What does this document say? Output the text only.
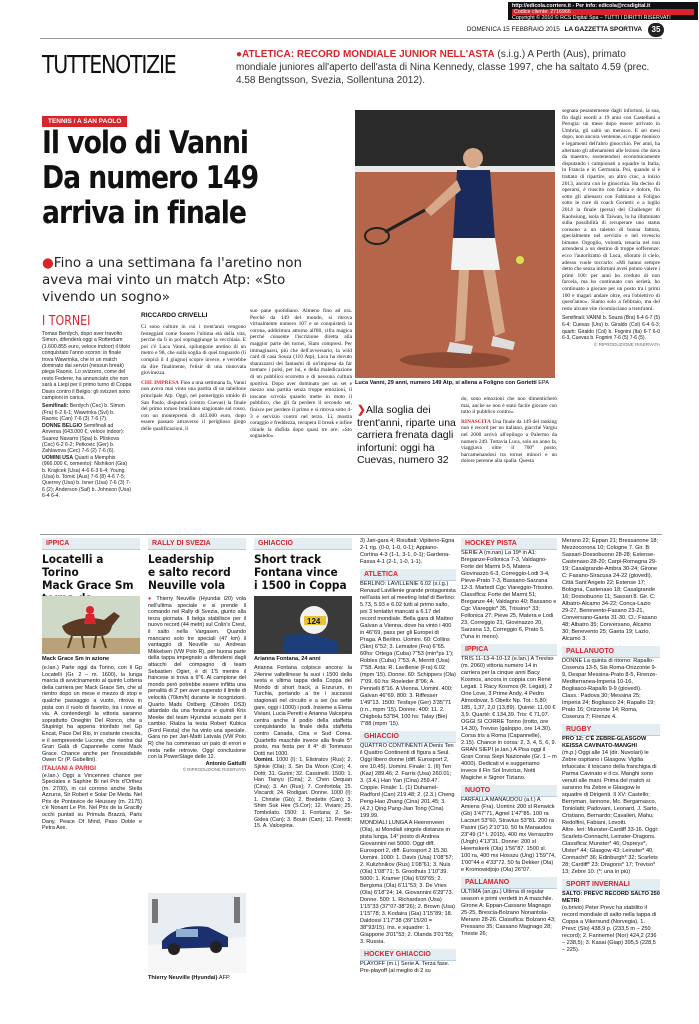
http://edicola.corriere.it - Per info: edicola@rcsdigital.it
Codice cliente: 2716966
Copyright © 2010 © RCS Digital Spa – TUTTI I DIRITTI RISERVATI
DOMENICA 15 FEBBRAIO 2015 LA GAZZETTA SPORTIVA	35
TUTTENOTIZIE	●ATLETICA: RECORD MONDIALE JUNIOR NELL'ASTA (s.i.g.) A Perth (Aus), primato mondiale juniores all'aperto dell'asta di Nina Kennedy, classe 1997, che ha saltato 4.59 (prec. 4.58 Bengtsson, Svezia, Sollentuna 2012).
TENNIS / A SAN PAOLO
Il volo di Vanni
Da numero 149
arriva in finale
●Fino a una settimana fa l'aretino non aveva mai vinto un match Atp: «Sto vivendo un sogno»
Luca Vanni, 29 anni, numero 149 Atp, si allena a Foligno con Gorietti EPA
I TORNEI
Tomas Berdych, dopo aver travolto Simon, difenderà oggi a Rotterdam (1.600.855 euro, veloce indoor) il titolo conquistato l'anno scorso: in finale trova Wawrinka, che in un match dominato dai servizi (nessun break) piega Raonic. Lo svizzero, come del resto Federer, ha annunciato che non sarà a Liegi per il primo turno di Coppa Davis contro il Belgio: gli svizzeri sono campioni in carica.
Semifinali: Berdych (Cec) b. Simon (Fra) 6-2 6-1; Wawrinka (Svi) b. Raonic (Can) 7-6 (3) 7-6 (7).
DONNE BELGIO Semifinali ad Anversa (643.000 €, veloce indoor): Suarez Navarro (Spa) b. Pliskova (Cec) 6-2 6-2; Petkovic (Ger) b. Zahlavova (Cec) 7-6 (2) 7-6 (6).
UOMINI USA Quarti a Memphis (966.000 €, cemento): Nishikori (Gia) b. Krajicek (Usa) 4-6 6-3 6-4; Young (Usa) b. Tomic (Aus) 7-6 (8) 4-6 7-5; Querrey (Usa) b. Isner (Usa) 7-6 (3) 7-6 (2); Anderson (Saf) b. Johnson (Usa) 6-4 6-4.
RICCARDO CRIVELLI

Ci sono culture in cui i trent'anni vengono festeggiati come fossero l'ultima età della vita, perché da lì in poi sopraggiunge la vecchiaia. E poi c'è Luca Vanni, spilungone aretino di un metro e 98, che sulla soglia di quel traguardo (li compirà il 4 giugno) scopre invece, e verrebbe da dire finalmente, l'elisir di una rinnovata giovinezza.

CHE IMPRESA Fino a una settimana fa, Vanni non aveva mai vinto una partita di un tabellone principale Atp. Oggi, nel pomeriggio umido di San Paolo, disputerà (contro Cuevas) la finale del primo torneo brasiliano stagionale sul rosso, con un montepremi di 443.000 euro, dopo essere passato attraverso il periglioso giogo delle qualificazioni, il

suo pane quotidiano. Almeno fino ad ora. Perché da 149 del mondo, si ritrova virtualmente numero 107 e se conquisterà la corona, addirittura attorno all'80, cifra magica perché consente l'iscrizione diretta alla maggior parte dei tornei, Slam compresi. Per immaginarsi, più che dell'avversario, la wild card di casa Souza (110 Atp), Luca ha dovuto sbarazzarsi dei fantasmi di un'impresa da far tremare i polsi, per lui, e della maledicazione di un pubblico scorretto e di nessuna cultura sportiva. Dopo aver dominato per un set e mezzo una partita senza troppe emozioni, il toscano scivola quando mette in moto il pubblico, che gli fa perdere il secondo set, finisce per perdere il primo e si ritrova sotto 4-3 e servizio contro nel terzo. Lì, mostra coraggio e freddezza, recupera il break e infine chiude la disfida dopo quasi tre ore: «Sto sognando».

❯Alla soglia dei trent'anni, riparte una carriera frenata dagli infortuni: oggi ha Cuevas, numero 32

do, sono emozioni che non dimenticherò mai, anche se non è stato facile giocare con tutto il pubblico contro».

RINASCITA Una finale da 149 del ranking non è record per un italiano, giacché Vargiu nel 2000 arrivò all'epilogo a Palermo da numero 249. Tuttavia Luca, solo un anno fa, viaggiava oltre il 700° posto, barcamenandosi tra tornei minori e un dolore perenne alla spalla. Questa

segnata pesantemente dagli infortuni, la sua, fin dagli esordi a 19 anni con Castellani a Perugia: un mese dopo essere arrivato in Umbria, gli saltò un menisco. E sei mesi dopo, non ancora ventenne, si ruppe menisco e legamenti dell'altro ginocchio. Per anni, ha alternato gli allenamenti alle lezioni che dava da maestro, sostenendosi economicamente disputando i campionati a squadre in Italia, in Francia e in Germania. Poi, quando si è trattato di ripartire, un altro crac, a inizio 2013, ancora con le ginocchia. Ha deciso di operarsi, è riuscito con fatica e dolore, fin sotto gli alienarsi con Fabbiano a Foligno sotto le cure di coach Gorietti: e a luglio 2014 la finale (persa) del Challenger di Kaohsiung, isola di Taiwan, lo ha illuminato sulla possibilità di recuperare uno status consono a un talento di buona fattura, specialmente nel servizio e nel rovescio bimane. Orgoglio, volontà, tenacia nel non arrendersi a un destino di troppe sofferenze: ecco l'autoritratto di Luca, sfiorato il cielo, adesso vuole toccarlo: «Mi hanno sempre detto che senza infortuni avrei potuto valere i primi 100: per anni ho creduto di non farcela, ma ho continuato con serietà, ho continuato a giocare per un posto tra i primi 100 e magari andare oltre, era l'obiettivo di quest'anno». Siamo solo a febbraio, ma del resto alcune vite ricominciano a trent'anni.

Semifinali: VANNI b. Souza (Bra) 6-4 6-7 (5) 6-4; Cuevas (Uru) b. Giraldo (Col) 6-4 6-3; quarti: Giraldo (Col) b. Fognini (Ita) 6-7 6-0 6-3, Cuevas b. Fognini 7-6 (5) 7-6 (5).

© RIPRODUZIONE RISERVATA

IPPICA
Locatelli a Torino
Mack Grace Sm
Mack Grace Sm in azione

(e.lan.) Parte oggi da Torino, con il Gp Locatelli (Gr. 2 – m. 1600), la lunga marcia di avvicinamento al quinto Lotteria della carriera per Mack Grace Sm, che al rientro dopo un mese e mezzo di stop e qualche passaggio a vuoto, ritrova in pista con il ruolo di favorito, tra i nove al via. A contendergli la vittoria saranno soprattutto Oneghin Del Ronco, che a Stupinigi ha appena trionfato nel Gp Encat, Pace Del Rio, in costante crescita, e il sempreverde Lucone, che rientra dal Gran Galà di Capannelle come Mack Grace. Chance anche per l'inossidabile Owen Cr (P. Gubellini).

ITALIANI A PARIGI

(e.lan.) Oggi a Vincennes chance per Speciales e Saphire Bi nel Prix d'Orthez (m. 2700), in cui corrono anche Stella Azzurra, Sir Robert e Solar De Meda. Nel Prix de Pontavice de Heussey (m. 2175) c'è Nonant Le Pin. Nel Prix de la Gracilly occhi puntati su Primula Brazzà, Paris Dany, Peace Of Mind, Paso Doble e Petra Axe.

RALLY DI SVEZIA
Leadership
e salto record
Neuville vola

● Thierry Neuville (Hyundai i20) vola nell'ultima speciale e si prende il comando nel Rally di Svezia, giunto alla terza giornata. Il belga stabilisce per il nuovo record (44 metri) sul Colin's Crest, il salto nella Vargasen. Quando mancano solo tre speciali (47 km) il vantaggio di Neuville su Andreas Mikkelsen (VW Polo R), per buona parte della tappa impegnato a difendersi dagli attacchi del compagno di team Sebastien Ogier, è di 1'5 mentre il francese si trova a 9"6. Al campione del mondo però potrebbe essere inflitta una penalità di 2' per aver superato il limite di velocità (70km/h) durante le ricognizioni. Quarto Mads Ostberg (Citroën DS3) attardato da una foratura e quindi Kris Meeke del team Hyundai scusato per il cambio. Rialza la testa Robert Kubica (Ford Fiesta) che ha vinto una speciale. Gara no per Jari-Matti Latvala (VW Polo R) che ha commesso un paio di errori e resta nelle retrovie. Oggi conclusione con la PowerStage delle 12.

Antonio Gattulli

© RIPRODUZIONE RISERVATA

Thierry Neuville (Hyundai) AFP
GHIACCIO
Short track
Fontana vince
i 1500 in Coppa
124
Arianna Fontana, 24 anni

Arianna Fontana colpisce ancora: la 24enne valtellinese fa suoi i 1500 della sesta e ultima tappa della Coppa del Mondo di short track, a Erzurum, in Turchia, portando a tre i successi stagionali nel circuito e a sei (su sette gare, oggi i 1000) i podi. Insieme a Elena Viviani, Lucia Peretti e Arianna Valcepina centra anche il podio della staffetta conquistando la finale della staffetta contro Canada, Cina e Sud Corea. Quartetto maschile invece alla finale 5° posto, ma festa per il 4° di Tommaso Dotti nei 1000.

Uomini. 1000 (I): 1. Elistratov (Rus); 2. Sjinkie (Ola); 3. Sin Da Woon (Cor); 4. Dotti; 31. Gurini; 32. Cassinelli. 1500: 1. Han Tianyu (Cina); 2. Chen Dequan (Cina); 3. An (Rus); 7. Confortola; 15. Viscardi; 24. Rodigari. Donne. 1000 (I): 1. Christie (Gb); 2. Bredette (Can); 3. Shim Suk Hee (S.Cor); 12. Viviani; 25. Tombolato. 1500: 1. Fontana; 2. Se-Gidea (Can); 3. Bouin (Can); 12. Peretti; 15. A. Valcepina.

3) Jari-gara 4; Risultati: Vipiteno-Egna 2-1 rig. (0-0, 1-0, 0-1); Appiano-Cortina 4-3 (1-1, 3-1, 0-1); Gardena-Fassa 4-1 (2-1, 1-0, 1-1).

ATLETICA

BERLINO: LAVILLENIE 6.02 (s.i.g.) Renaud Lavillenie grande protagonista nell'asta ieri al meeting Istaf di Berlino: 5.73, 5.93 e 6.02 tutti al primo salto, poi 3 tentativi mancati a 6.17 del record mondiale. Bella gara di Matteo Galvan a Vienna, dove ha vinto i 400 in 46"69, pass per gli Europei di Praga. A Berlino. Uomini. 60: Collins (Skn) 6"52; 3. Lemaitre (Fra) 6"65. 60hs: Ortega (Cuba) 7"53 (min*ps 1'); Robles (Cuba) 7"53. A. Merritt (Usa) 7"58. Asta: R. Lavillenie (Fra) 6.02 (mpm '15). Donne. 60: Schippers (Ola) 7"09. 60 hs: Roeleder 8"06; A. Pennelli 8"16. A Vienna. Uomini. 400: Galvan 46"69. 800: 3. Riffesser 1'49"13. 1500: Tesfaye (Ger) 3'35"71 (r.n., mpm '15). Donne. 400: 11. 2. Chigbolu 53"84. 100 hs: Talay (Bie) 7"88 (mpm '15).

GHIACCIO

QUATTRO CONTINENTI A Denis Ten il Quattro Continenti di figura a Seul. Oggi libero donne (diff. Eurosport 2, ore 10.45). Uomini. Finale: 1. (II) Ten (Kaz) 289.46; 2. Farris (Usa) 260.01; 3. (3.4.) Han Yan (Cina) 259.47. Coppie. Finale: 1. (1) Duhamel-Radford (Can) 219.48; 2. (2.3.) Cheng Peng-Hao Zhang (Cina) 201.45; 3. (4.2.) Qing Pang-Jian Tong (Cina) 199.99.
MONDIALI LUNGA A Heerenveen (Ola), ai Mondiali singole distanze in pista lunga, 14° posto di Andrea Giovannini nei 5000. Oggi diff. Eurosport 2, diff. Eurosport 2 15.30. Uomini. 1000: 1. Davis (Usa) 1'08"57; 2. Kulizhnikov (Rus) 1'08"61; 3. Nuis (Ola) 1'08"71; 5. Groothuis 1'10"39. 5000: 1. Kramer (Ola) 6'09"65; 2. Bergsma (Ola) 6'11"53; 3. De Vries (Ola) 6'18"24; 14. Giovannini 6'29"73. Donne. 500: 1. Richardson (Usa) 1'15"33 (37"07-38"26); 2. Brown (Usa) 1'15"78; 3. Kodaira (Gia) 1'15"89; 18. Daldossi 1'17"38 (39"15/20 = 38"93/15). Ins. e squadre: 1. Giappone 3'01"53; 2. Olanda 3'01"55; 3. Russia.

HOCKEY GHIACCIO

PLAYOFF (m.i.) Serie A. Terza fase. Pre-playoff (al meglio di 2 su

HOCKEY PISTA

SERIE A (m.nan) La 19ª in A1: Breganze-Follonica 7-3, Valdagno-Forte dei Marmi 9-5, Matera-Giovinazzo 6-3, Correggio-Lodi 3-4, Pieve-Prato 7-3, Bassano-Sarzana 12-3. Martedì Cgc Viareggio-Trissino. Classifica: Forte dei Marmi 51; Breganze 44; Valdagno 40; Bassano e Cgc Viareggio* 35, Trissino* 33; Follonica 27; Pieve 25, Matera e Lodi 23, Correggio 21, Giovinazzo 20, Sarzana 13, Correggio 6, Prato 5. (*una in meno).

IPPICA

TRIS 11-13-4-10-12 (e.lan.) A Treviso (m. 2060) vittoria numero 14 in carriera per la cinque anni Bacy Kosmos, ancora in coppia con René Legati. 1 Racy Kosmos (R. Legati), 2 One Love, 3 Prime Andy, 4 Pedro Almodovar, 5 Obelix Np. Tot.: 5,80; 185, 1,37, 2,0 (13,89). Quinté: 11,00 € 3,9. Quarté: € 134,39. Tris: € 71,07.
OGGI SI CORRE Torino (trotto, ore 14.30), Treviso (galoppo, ore 14.30). Corsa tris a Roma (Capannelle), 2.15). Chance in corsa: 2, 3, 4, 5, 6, 9.
GRAN SIEPI (e.lan.) A Pisa oggi il Gran Corsa Siepi Nazionale (Gr. 1 – m 4000). Dedicati vi e suggeriamo invece il Fin Sol Invictus, Notti Magiche e Signor Tiziano.

NUOTO

FARFALLA MANAUDOU (a.f.) A Amiens (Fra). Uomini: 200 sl Renwick (Gb) 1'47"71, Agnel 1'47"85. 100 ra Lacourt 53"60, Stravius 53"81. 200 ra Pasini (Gr) 2'10"10. 50 fa Manaudou 23"49 (1° t. 2015). 400 mx Verrasztro (Ungh) 4'13"31. Donne: 200 sl Heemskerk (Ola) 1'56"87. 1500 sl. 100 ra, 400 mx Hosszu (Ung) 1'59"74, 1'00"44 e 4'33"72. 50 fa Dekker (Ola) e Kromowidjojo (Ola) 26"07.

PALLAMANO

ULTIMA (an.gu.) Ultima di regular season e primi verdetti in A maschile. Girone A: Eppan-Cassano Magnago 25-25, Brescia-Bolzano Nonantola-Merano 28-26. Classifica: Bolzano 43; Pressano 35; Cassano Magnago 28; Trieste 26;

Merano 22; Eppan 21; Bressanone 18; Mezzocorona 10; Cologne 7. Gir. B: Sassari-Dossobuono 28-28; Estense-Castenaso 28-20; Carpi-Romagna 29-19; Casalgrande-Ambra 30-24; Girone C: Fasano-Siracusa 24-22 (giovedì). Città Sant'Angelo 22; Estense 17; Bologna, Castenaso 18; Casalgrande 16; Dossobuono 11; Sassari 8. Gir. C: Albatro-Alcamo 34-22; Conca-Lazio 29-27, Benevento-Fasano 23-21, Conversano-Gaeta 31-30. Cl.: Fasano 48; Albatro 35; Conversano, Alcamo 30; Benevento 25; Gaeta 19; Lazio, Alcamo 3.

PALLANUOTO

DONNE La quinta di ritorno: Rapallo-Cosenza 13-5, Sis Roma-Orizzonte 9-9, Despar Messina-Prato 8-5, Firenze-Mediterranea-Imperia 10-16, Bogliasco-Rapallo 9-9 (giovedì). Class.: Padova 30; Messina 25; Imperia 24; Bogliasco 24; Rapallo 19; Prato 16; Orizzonte 14; Roma, Cosenza 7; Firenze 4.

RUGBY

PRO 12: C'È ZEBRE-GLASGOW KEISSA CAVINATO-MANGHI

(m.p.) Oggi alle 14 (dir. Nuvolari) le Zebre ospitano i Glasgow. Vigilia infuocata: il toscano della franchigia di Parma Cavinato e il cs. Manghi sono venuti alle mani. Prima del match si saranno fra Zebre e Glasgow le squadre di Dirigenti. Il XV: Castello; Berryman, Iannone, Mc. Bergamasco, Toniolatti; Padovani, Leonard, J. Sarto, Cristiano, Bernardo; Cavalieri, Mahu; Redolfini, Fabiani, Lovotti.
Altre. Ieri: Munster-Cardiff 33-16. Oggi: Scarlets-Connacht, Leinster-Dragons. Classifica: Munster* 46; Ospreys*, Ulster* 44; Glasgow 43; Leinster* 40, Connacht* 36; Edinburgh* 32; Scarlets 28; Cardiff* 23; Dragons* 17; Treviso* 13; Zebre 10. (*: una in più)

SPORT INVERNALI

SALTO: PREVC RECORD SALTO 250 METRI

(o.brivio) Peter Prevc ha stabilito il record mondiale di salto nella tappa di Coppa a Vikersund (Norvegia). 1. Prevc (Slo) 438,9 p. (233,5 m – 250 record); 2. Fannemel (Nor) 424,2 (236 – 238,5); 3. Kasai (Giap) 395,5 (228,5 – 225).
